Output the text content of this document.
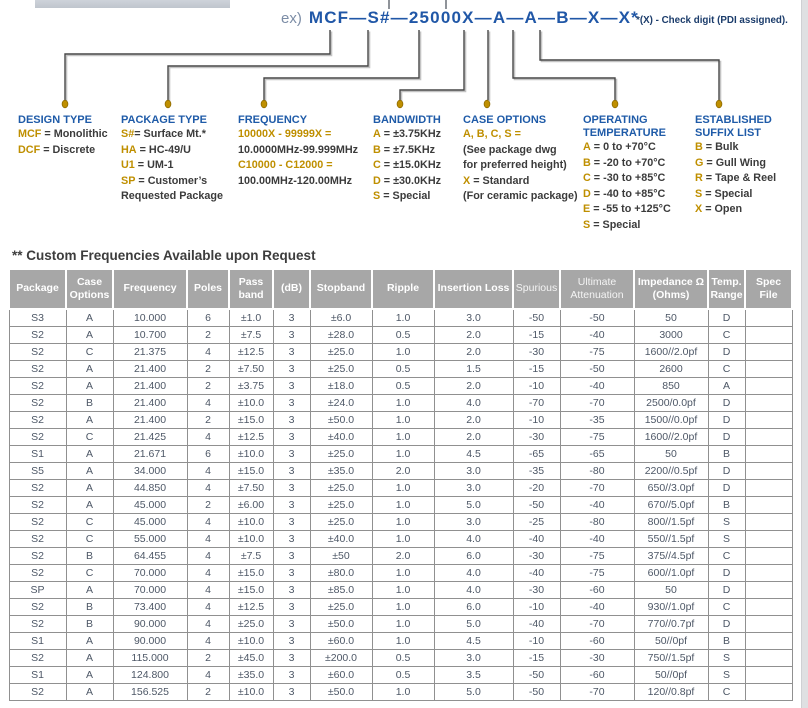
ex) MCF—S#—25000X—A—A—B—X—X*
*(X) - Check digit (PDI assigned).
DESIGN TYPE
MCF = Monolithic
DCF = Discrete
PACKAGE TYPE
S#= Surface Mt.*
HA = HC-49/U
U1 = UM-1
SP = Customer’s
Requested Package
FREQUENCY
10000X - 99999X =
10.0000MHz-99.999MHz
C10000 - C12000 =
100.00MHz-120.00MHz
BANDWIDTH
A = ±3.75KHz
B = ±7.5KHz
C = ±15.0KHz
D = ±30.0KHz
S = Special
CASE OPTIONS
A, B, C, S =
(See package dwg
for preferred height)
X = Standard
(For ceramic package)
OPERATING
TEMPERATURE
A = 0 to +70°C
B = -20 to +70°C
C = -30 to +85°C
D = -40 to +85°C
E = -55 to +125°C
S = Special
ESTABLISHED
SUFFIX LIST
B = Bulk
G = Gull Wing
R = Tape & Reel
S = Special
X = Open
** Custom Frequencies Available upon Request
Package	Case Options	Frequency	Poles	Pass band	(dB)	Stopband	Ripple	Insertion Loss	Spurious	Ultimate Attenuation	Impedance Ω (Ohms)	Temp. Range	Spec File
S3	A	10.000	6	±1.0	3	±6.0	1.0	3.0	-50	-50	50	D	
S2	A	10.700	2	±7.5	3	±28.0	0.5	2.0	-15	-40	3000	C	
S2	C	21.375	4	±12.5	3	±25.0	1.0	2.0	-30	-75	1600//2.0pf	D	
S2	A	21.400	2	±7.50	3	±25.0	0.5	1.5	-15	-50	2600	C	
S2	A	21.400	2	±3.75	3	±18.0	0.5	2.0	-10	-40	850	A	
S2	B	21.400	4	±10.0	3	±24.0	1.0	4.0	-70	-70	2500/0.0pf	D	
S2	A	21.400	2	±15.0	3	±50.0	1.0	2.0	-10	-35	1500//0.0pf	D	
S2	C	21.425	4	±12.5	3	±40.0	1.0	2.0	-30	-75	1600//2.0pf	D	
S1	A	21.671	6	±10.0	3	±25.0	1.0	4.5	-65	-65	50	B	
S5	A	34.000	4	±15.0	3	±35.0	2.0	3.0	-35	-80	2200//0.5pf	D	
S2	A	44.850	4	±7.50	3	±25.0	1.0	3.0	-20	-70	650//3.0pf	D	
S2	A	45.000	2	±6.00	3	±25.0	1.0	5.0	-50	-40	670//5.0pf	B	
S2	C	45.000	4	±10.0	3	±25.0	1.0	3.0	-25	-80	800//1.5pf	S	
S2	C	55.000	4	±10.0	3	±40.0	1.0	4.0	-40	-40	550//1.5pf	S	
S2	B	64.455	4	±7.5	3	±50	2.0	6.0	-30	-75	375//4.5pf	C	
S2	C	70.000	4	±15.0	3	±80.0	1.0	4.0	-40	-75	600//1.0pf	D	
SP	A	70.000	4	±15.0	3	±85.0	1.0	4.0	-30	-60	50	D	
S2	B	73.400	4	±12.5	3	±25.0	1.0	6.0	-10	-40	930//1.0pf	C	
S2	B	90.000	4	±25.0	3	±50.0	1.0	5.0	-40	-70	770//0.7pf	D	
S1	A	90.000	4	±10.0	3	±60.0	1.0	4.5	-10	-60	50//0pf	B	
S2	A	115.000	2	±45.0	3	±200.0	0.5	3.0	-15	-30	750//1.5pf	S	
S1	A	124.800	4	±35.0	3	±60.0	0.5	3.5	-50	-60	50//0pf	S	
S2	A	156.525	2	±10.0	3	±50.0	1.0	5.0	-50	-70	120//0.8pf	C	
